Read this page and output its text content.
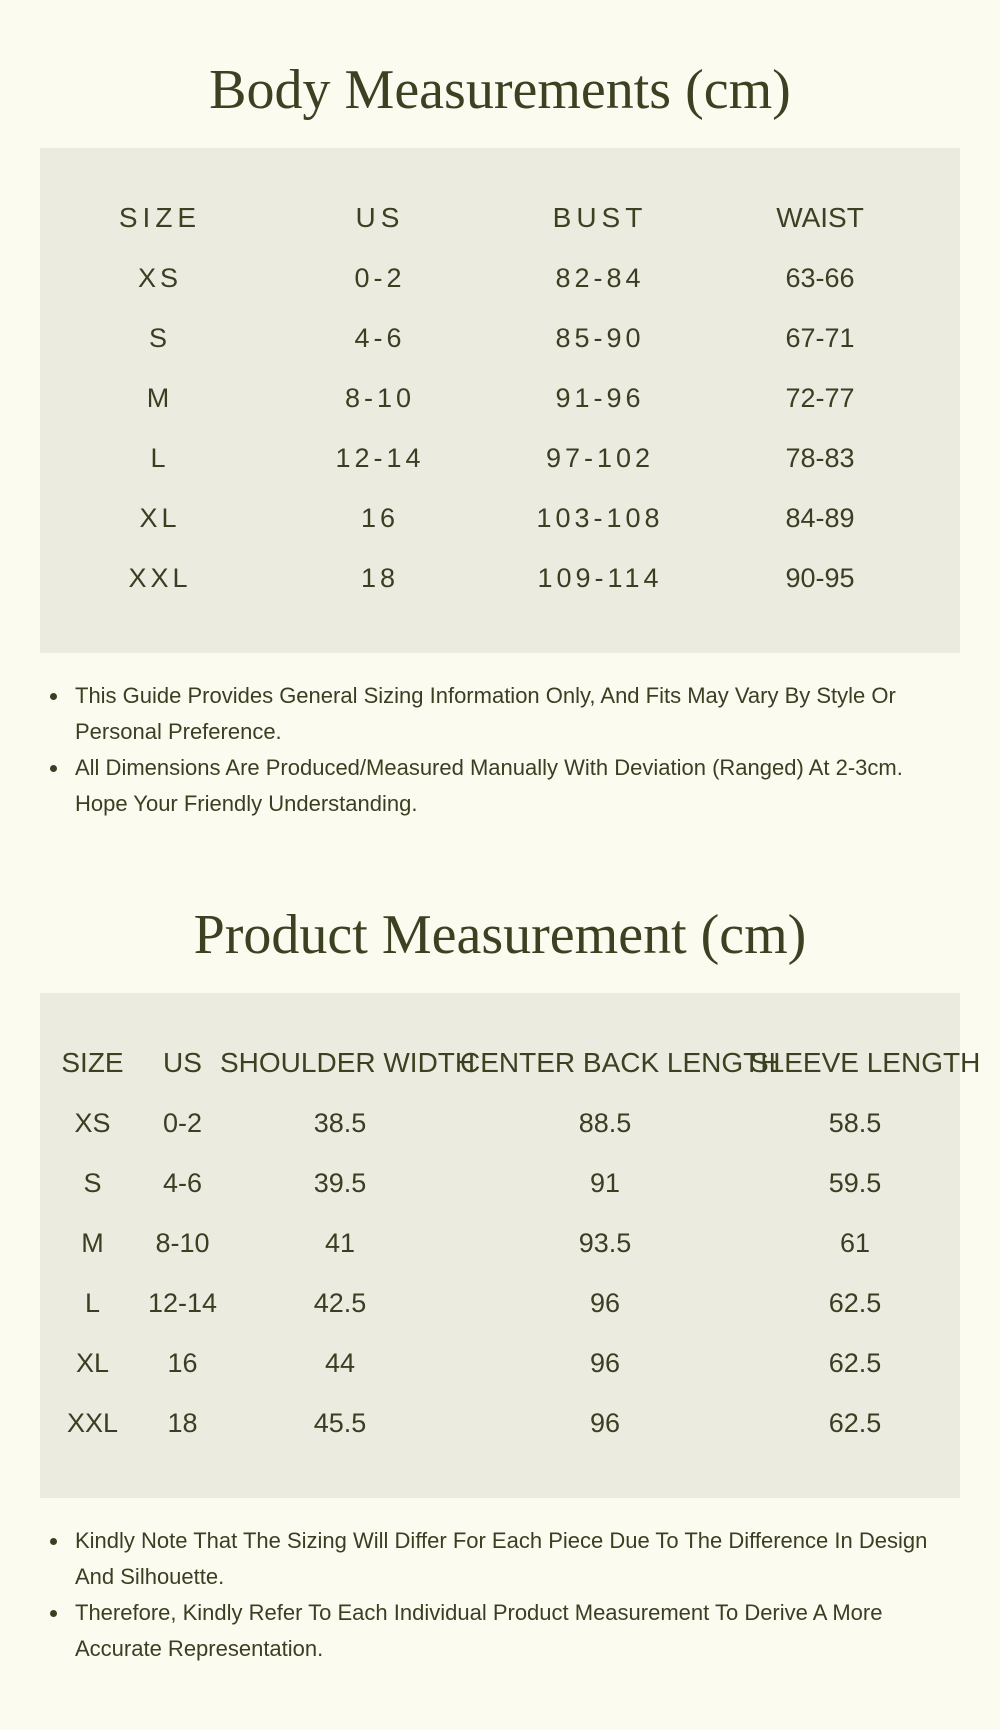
Body Measurements (cm)
SIZE	US	BUST	WAIST	
XS	0-2	82-84	63-66	
S	4-6	85-90	67-71	
M	8-10	91-96	72-77	
L	12-14	97-102	78-83	
XL	16	103-108	84-89	
XXL	18	109-114	90-95	
This Guide Provides General Sizing Information Only, And Fits May Vary By Style Or Personal Preference.
All Dimensions Are Produced/Measured Manually With Deviation (Ranged) At 2-3cm. Hope Your Friendly Understanding.
Product Measurement (cm)
SIZE	US	SHOULDER WIDTH	CENTER BACK LENGTH	SLEEVE LENGTH
XS	0-2	38.5	88.5	58.5
S	4-6	39.5	91	59.5
M	8-10	41	93.5	61
L	12-14	42.5	96	62.5
XL	16	44	96	62.5
XXL	18	45.5	96	62.5
Kindly Note That The Sizing Will Differ For Each Piece Due To The Difference In Design And Silhouette.
Therefore, Kindly Refer To Each Individual Product Measurement To Derive A More Accurate Representation.
